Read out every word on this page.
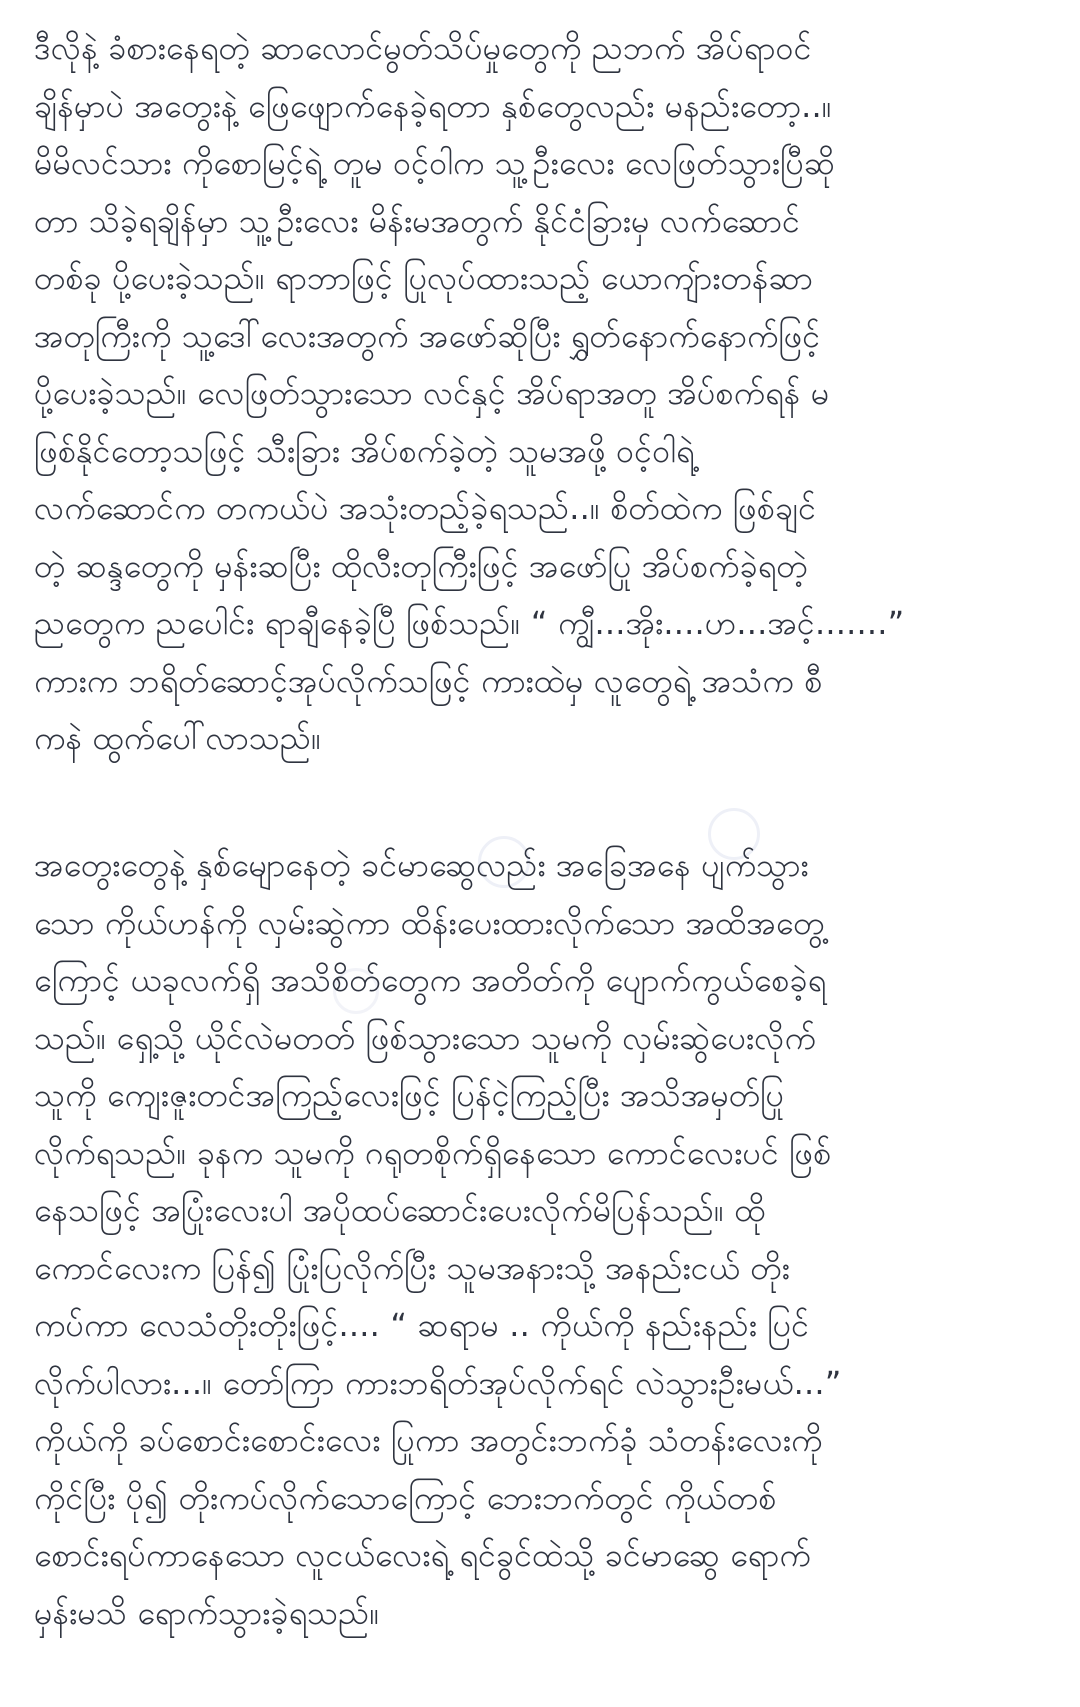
ဒီလိုနဲ့ ခံစားနေရတဲ့ ဆာလောင်မွတ်သိပ်မှုတွေကို ညဘက် အိပ်ရာဝင်
ချိန်မှာပဲ အတွေးနဲ့ ဖြေဖျောက်နေခဲ့ရတာ နှစ်တွေလည်း မနည်းတော့..။
မိမိလင်သား ကိုစောမြင့်ရဲ့ တူမ ဝင့်ဝါက သူ့ဦးလေး လေဖြတ်သွားပြီဆို
တာ သိခဲ့ရချိန်မှာ သူ့ဦးလေး မိန်းမအတွက် နိုင်ငံခြားမှ လက်ဆောင်
တစ်ခု ပို့ပေးခဲ့သည်။ ရာဘာဖြင့် ပြုလုပ်ထားသည့် ယောကျ်ားတန်ဆာ
အတုကြီးကို သူ့ဒေါ်လေးအတွက် အဖော်ဆိုပြီး ရွှတ်နောက်နောက်ဖြင့်
ပို့ပေးခဲ့သည်။ လေဖြတ်သွားသော လင်နှင့် အိပ်ရာအတူ အိပ်စက်ရန် မ
ဖြစ်နိုင်တော့သဖြင့် သီးခြား အိပ်စက်ခဲ့တဲ့ သူမအဖို့ ဝင့်ဝါရဲ့
လက်ဆောင်က တကယ်ပဲ အသုံးတည့်ခဲ့ရသည်..။ စိတ်ထဲက ဖြစ်ချင်
တဲ့ ဆန္ဒတွေကို မှန်းဆပြီး ထိုလီးတုကြီးဖြင့် အဖော်ပြု အိပ်စက်ခဲ့ရတဲ့
ညတွေက ညပေါင်း ရာချီနေခဲ့ပြီ ဖြစ်သည်။ “ ကျွီ...အိုး....ဟ...အင့်.......”
ကားက ဘရိတ်ဆောင့်အုပ်လိုက်သဖြင့် ကားထဲမှ လူတွေရဲ့ အသံက စီ
ကနဲ ထွက်ပေါ်လာသည်။
အတွေးတွေနဲ့ နှစ်မျောနေတဲ့ ခင်မာဆွေလည်း အခြေအနေ ပျက်သွား
သော ကိုယ်ဟန်ကို လှမ်းဆွဲကာ ထိန်းပေးထားလိုက်သော အထိအတွေ့
ကြောင့် ယခုလက်ရှိ အသိစိတ်တွေက အတိတ်ကို ပျောက်ကွယ်စေခဲ့ရ
သည်။ ရှေ့သို့ ယိုင်လဲမတတ် ဖြစ်သွားသော သူမကို လှမ်းဆွဲပေးလိုက်
သူကို ကျေးဇူးတင်အကြည့်လေးဖြင့် ပြန်ငဲ့ကြည့်ပြီး အသိအမှတ်ပြု
လိုက်ရသည်။ ခုနက သူမကို ဂရုတစိုက်ရှိနေသော ကောင်လေးပင် ဖြစ်
နေသဖြင့် အပြုံးလေးပါ အပိုထပ်ဆောင်းပေးလိုက်မိပြန်သည်။ ထို
ကောင်လေးက ပြန်၍ ပြုံးပြလိုက်ပြီး သူမအနားသို့ အနည်းငယ် တိုး
ကပ်ကာ လေသံတိုးတိုးဖြင့်.... “ ဆရာမ .. ကိုယ်ကို နည်းနည်း ပြင်
လိုက်ပါလား...။ တော်ကြာ ကားဘရိတ်အုပ်လိုက်ရင် လဲသွားဦးမယ်...”
ကိုယ်ကို ခပ်စောင်းစောင်းလေး ပြုကာ အတွင်းဘက်ခုံ သံတန်းလေးကို
ကိုင်ပြီး ပို၍ တိုးကပ်လိုက်သောကြောင့် ဘေးဘက်တွင် ကိုယ်တစ်
စောင်းရပ်ကာနေသော လူငယ်လေးရဲ့ ရင်ခွင်ထဲသို့ ခင်မာဆွေ ရောက်
မှန်းမသိ ရောက်သွားခဲ့ရသည်။
